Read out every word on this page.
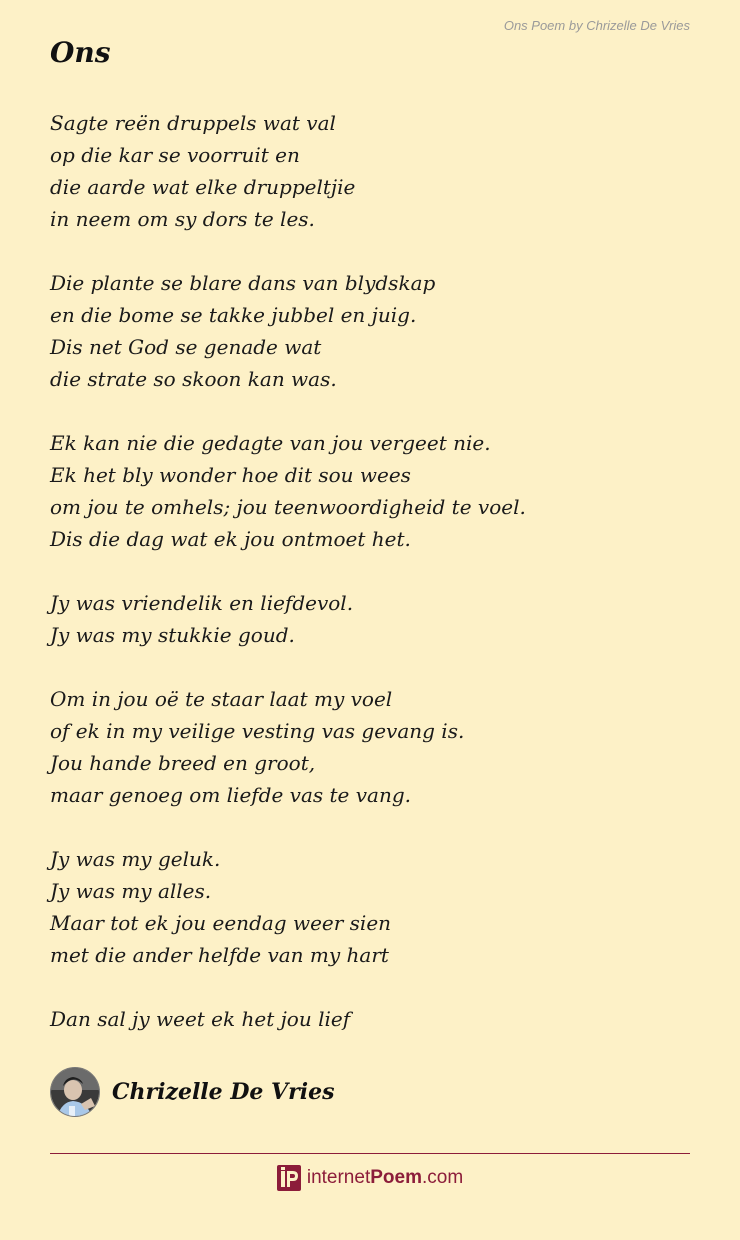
Ons Poem by Chrizelle De Vries
Ons
Sagte reën druppels wat val
op die kar se voorruit en
die aarde wat elke druppeltjie
in neem om sy dors te les.
Die plante se blare dans van blydskap
en die bome se takke jubbel en juig.
Dis net God se genade wat
die strate so skoon kan was.
Ek kan nie die gedagte van jou vergeet nie.
Ek het bly wonder hoe dit sou wees
om jou te omhels; jou teenwoordigheid te voel.
Dis die dag wat ek jou ontmoet het.
Jy was vriendelik en liefdevol.
Jy was my stukkie goud.
Om in jou oë te staar laat my voel
of ek in my veilige vesting vas gevang is.
Jou hande breed en groot,
maar genoeg om liefde vas te vang.
Jy was my geluk.
Jy was my alles.
Maar tot ek jou eendag weer sien
met die ander helfde van my hart
Dan sal jy weet ek het jou lief
Chrizelle De Vries
internetPoem.com
